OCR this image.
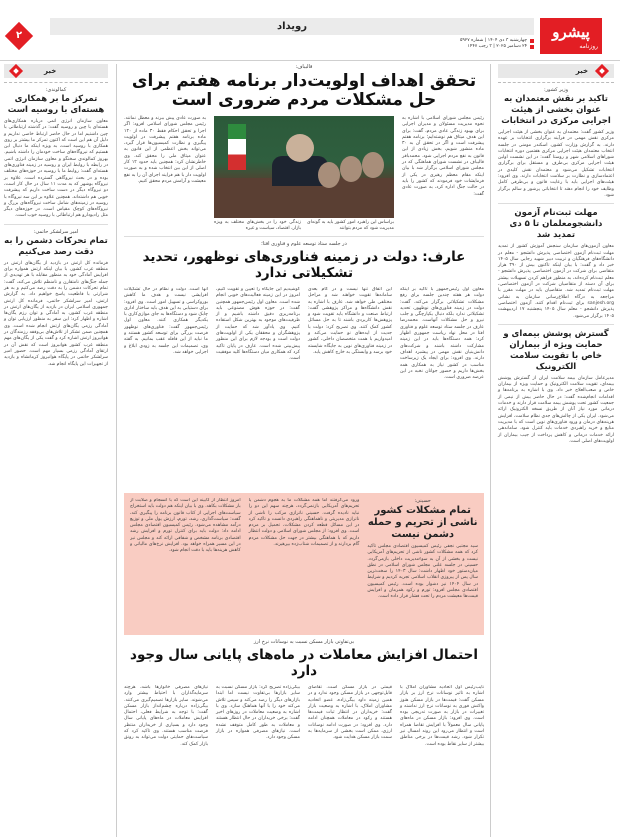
پیشرو
روزنامه
رویداد
چهارشنبه ۳ دی ۱۴۰۴ | شماره ۵۹۲۷
۲۴ دسامبر ۲۰۲۵ | ۳ رجب ۱۴۴۷
۲
خبر
وزیر کشور:
تاکید بر نقش معتمدان به عنوان بخشی از هیئت اجرایی مرکزی در انتخابات
وزیر کشور گفت: معتمدان به عنوان بخشی از هیئت اجرایی مرکزی نقش مهمی در فرآیند برگزاری انتخابات بر عهده دارند. به گزارش وزارت کشور، اسکندر مومنی در جلسه انتخاب معتمدان هیئت اجرایی مرکزی هفتمین دوره انتخابات شوراهای اسلامی شهر و روستا گفت: در این نشست اولین هیئت اجرایی مرکزی بی‌طرف و مستقل برای برگزاری انتخابات تشکیل می‌شود و معتمدان نقش کلیدی در اعتمادسازی و نظارت بر سلامت انتخابات دارند. وی افزود: هیئت‌های اجرایی باید با رعایت قانون و بی‌طرفی کامل وظایف خود را انجام دهند تا انتخاباتی پرشور و سالم برگزار شود.
مهلت ثبت‌نام آزمون دانشجومعلمان تا ۵ دی تمدید شد
معاون آزمون‌های سازمان سنجش آموزش کشور از تمدید مهلت ثبت‌نام آزمون اختصاصی پذیرش دانشجو - معلم در دانشگاه‌های فرهنگیان و تربیت دبیر شهید رجایی سال ۱۴۰۵ خبر داد و گفت: با بیان اینکه تاکنون بیش از ۳۹۰ هزار متقاضی برای شرکت در آزمون اختصاصی پذیرش دانشجو - معلم ثبت‌نام کرده‌اند، به منظور فراهم کردن تسهیلات بیشتر برای آن دسته از متقاضیان شرکت در آزمون اختصاصی، مهلت ثبت‌نام تمدید شد. متقاضیان باید در مهلت مقرر با مراجعه به درگاه اطلاع‌رسانی سازمان به نشانی sanjesh.org برای ثبت‌نام اقدام کنند. آزمون اختصاصی پذیرش دانشجو - معلم سال ۱۴۰۵ پنجشنبه ۱۷ اردیبهشت ۱۴۰۵ برگزار می‌شود.
گسترش پوشش بیمه‌ای و حمایت ویژه از بیماران خاص با تقویت سلامت الکترونیک
مدیرعامل سازمان بیمه سلامت ایران از گسترش پوشش بیمه‌ای، تقویت سلامت الکترونیک و حمایت ویژه از بیماران خاص و صعب‌العلاج خبر داد. وی با اشاره به برنامه‌ها و اقدامات انجام‌شده گفت: در حال حاضر بیش از نیمی از جمعیت کشور تحت پوشش بیمه سلامت قرار دارند و خدمات درمانی مورد نیاز آنان از طریق نسخه الکترونیک ارائه می‌شود. ایران یکی از چالش‌های جدی نظام سلامت، افزایش هزینه‌های درمان و ورود فناوری‌های نوین است که با مدیریت منابع و خرید راهبردی خدمات باید کنترل شود. ساماندهی ارائه خدمات درمانی و کاهش پرداخت از جیب بیماران از اولویت‌های اصلی است.
خبر
کمالوندی:
تمرکز ما بر همکاری هسته‌ای با روسیه است
معاون سازمان انرژی اتمی درباره همکاری‌های هسته‌ای با چین و روسیه گفت: در گذشته ارتباطاتی با چین داشتیم اما در حال حاضر ارتباط خاصی نداریم و دلیل آن هم این است که اکنون تمرکز ما بیشتر بر روی همکاری با روسیه است، به ویژه اینکه ما دنبال این هستیم که نیروگاه‌های ساخت خودمان را داشته باشیم. بهروز کمالوندی سخنگو و معاون سازمان انرژی اتمی در رابطه با روابط ایران و روسیه در زمینه فناوری‌های هسته‌ای گفت: روابط ما با روسیه در حوزه‌های مختلف بوده و در بحث نیروگاهی گسترده است. علاوه بر نیروگاه بوشهر که به مدت ۱۱ سال در حال کار است، دو نیروگاه دیگر در دست ساخت داریم که پیشرفت خوبی هم داشته‌اند. همچنین علاوه بر این سه نیروگاه با روسیه در زمینه‌های شامل ساخت نیروگاه‌های بزرگ و نیروگاه‌های کوچک مقیاس است. در حوزه‌های دیگر مثل رادیودارو هم ارتباطاتی با روسیه خوب است.
امیر سرلشکر حاتمی:
تمام تحرکات دشمن را به دقت رصد می‌کنیم
فرمانده کل ارتش در بازدید از یگان‌های ارتش در منطقه غرب کشور، با بیان اینکه ارتش همواره برای افزایش آمادگی خود به منظور مقابله با هر تهدیدی از جمله جنگ‌های نامتقارن و نامنظم تلاش می‌کند، گفت: تمام تحرکات دشمن را به دقت رصد می‌کنیم و به هر شرارتی با قاطعیت پاسخ خواهیم داد. به گزارش ارتش، امیر سرلشکر حاتمی، فرمانده کل ارتش جمهوری اسلامی ایران در بازدید از یگان‌های ارتش در منطقه غرب کشور، به آمادگی و توان رزم یگان‌ها اشاره و اظهار کرد: این سفر به منظور ارزیابی توان و آمادگی رزمی یگان‌های ارتش انجام شده است. وی همچنین ضمن تشکر از تلاش‌های بی‌وقفه رزمندگان در هوانیروز ارتش اشاره کرد و گفت یکی از یگان‌های مهم منطقه غرب کشور هوانیروز است که نقش آن در ارتقای آمادگی رزمی بسیار مهم است. حضور امیر سرلشکر حاتمی در پایگاه هوانیروز کرمانشاه و بازدید از تجهیزات این پایگاه انجام شد.
قالیباف:
تحقق اهداف اولویت‌دار برنامه هفتم برای حل مشکلات مردم ضروری است
رئیس مجلس شورای اسلامی با اشاره به نحوه مدیریت مسئولان و مدیران اجرایی برای بهبود زندگی عادی مردم، گفت: برای این هدف میثاق هم نوشته‌ایم؛ برنامه هفتم پیشرفت است و اگر در تحقق آن به ۳۰ ماده منشور شویم، بخش زیادی از این قانون به نفع مردم اجرایی شود. محمدباقر قالیباف در نشست شورای هماهنگی که در مجلس شورای اسلامی برگزار شد با بیان اینکه مقام معظم رهبری در یکی از فرمایشات خود فرمودند که کشور را باید در حالت جنگ اداره کرد، به صورت عادی گفت:
براساس این راهبرد امور کشور باید به گونه‌ای مدیریت شود که مردم بتوانند
زندگی خود را در بخش‌های مختلف به ویژه بازار، اقتصاد، سیاست و غیره
به صورت عادی پیش ببرند و معطل نمانند. رئیس مجلس شورای اسلامی افزود: اگر اجرا و تحقق احکام فقط ۳۰ ماده از ۱۲۰ ماده برنامه هفتم پیشرفت در اولویت پیگیری و نظارت کمیسیون‌ها قرار گیرد، می‌تواند بخش اعظمی از این قانون به عنوان میثاق ملی را محقق کند. وی خاطرنشان کرد: همچنین باید حدود ۱۲ کار اصلی از این بین انتخاب شده و به صورت اولویت دار با هم فرایند اجرای آن را به نفع معیشت و آرامش مردم محقق کنیم.
در جلسه ستاد توسعه علوم و فناوری افتا؛
عارف: دولت در زمینه فناوری‌های نوظهور، تحدید تشکیلاتی ندارد
معاون اول رئیس‌جمهور با تاکید بر اینکه دولت هر هفته چندین جلسه برای رفع مشکلات تشکیلاتی برگزار می‌کند، گفت: دولت در زمینه فناوری‌های نوظهور، تحدید تشکیلاتی ندارد بلکه دنبال یکپارچگی و جلب نیرو و حل مشکلات آنهاست. محمدرضا عارف در جلسه ستاد توسعه علوم و فناوری افتا در محل نهاد ریاست جمهوری اظهار کرد: همه دستگاه‌ها باید در این زمینه مشارکت داشته باشند و شرکت‌های دانش‌بنیان نقش مهمی در پیشبرد اهداف دارند. وی افزود: برای ایجاد یک زیرساخت مناسب در کشور نیاز به همکاری همه بخش‌ها داریم و حضور جوانان نخبه در این عرصه ضروری است.
این اتفاق تنها نیست و در گام بعدی سامانه‌ها تقویت خواهند شد و مراحل مختلفی طی خواهد شد. عارف با اشاره به نقش دانشگاه‌ها و مراکز پژوهشی گفت: ارتباط صنعت و دانشگاه باید تقویت شود و پژوهش‌ها کاربردی باشند تا به حل مسائل کشور کمک کنند. وی تصریح کرد: دولت با جدیت از ایده‌های نو حمایت می‌کند و امیدواریم با همت متخصصان داخلی، کشور در زمینه فناوری‌های نوین به جایگاه شایسته خود برسد و وابستگی به خارج کاهش یابد.
کوشیدیم این جایگاه را تعیین و تقویت کنیم، امروز در این زمینه فعالیت‌های خوبی انجام شده است. معاون اول رئیس‌جمهور همچنین گفت: در حوزه هوش مصنوعی باید برنامه‌ریزی دقیق داشته باشیم و از ظرفیت‌های موجود به بهترین شکل استفاده کنیم. وی یادآور شد که حمایت از پژوهشگران و محققان یکی از اولویت‌های دولت است و بودجه لازم برای این منظور پیش‌بینی شده است. عارف در پایان تاکید کرد که همکاری میان دستگاه‌ها کلید موفقیت است.
آنها است. دولت و نظام در حال تشکیلات افزایشی نیست و هدف ما کاهش بوروکراسی و تسهیل امور است. وی افزود: برای دستیابی به این هدف باید ساختار اداری چابک شود و دستگاه‌ها به جای موازی‌کاری با یکدیگر همکاری کنند. معاون اول رئیس‌جمهور گفت: فناوری‌های نوظهور فرصت بزرگی برای توسعه کشور هستند و ما نباید از این قافله عقب بمانیم. به گفته وی، تصمیمات این جلسه به زودی ابلاغ و اجرایی خواهد شد.
حسینی:
تمام مشکلات کشور ناشی از تحریم و حمله دشمن نیست
سید مجتبی نجفی رئیس کمیسیون اقتصادی مجلس تاکید کرد که همه مشکلات کشور ناشی از تحریم‌های آمریکایی نیست و بخشی از آن به سوءمدیریت داخلی بازمی‌گردد. حسینی در جلسه علنی مجلس شورای اسلامی در نطق میان‌دستور خود اظهار داشت: سال ۱۴۰۳ را سخت‌ترین سال پس از پیروزی انقلاب اسلامی تجربه کردیم و شرایط در سال ۱۴۰۴ نیز دشوار بوده است. رئیس کمیسیون اقتصادی مجلس افزود: تورم و رکود همزمان و افزایش قیمت‌ها معیشت مردم را تحت فشار قرار داده است.
ورود می‌گرفتند اما همه مشکلات ما به هجوم دشمن یا تحریم‌های آمریکایی بازنمی‌گردد، هرچند سهم این دو را نباید نادیده گرفت. حسینی ناترازی مرکب را ناشی از ناترازی مدیریتی و ناهماهنگی راهبردی دانست و تاکید کرد در این مسائل قطعه کردن مشکلات، تحمیل بر مردم است. وی افزود: از مجلس شورای اسلامی و دولت انتظار داریم که با هماهنگی بیشتر در جهت حل مشکلات مردم گام بردارند و از تصمیمات شتاب‌زده بپرهیزند.
امروز انتظار از کابینه این است که با انسجام و صلابت از بار مشکلات بکاهد. وی با بیان اینکه هم دولت باید استخراج سیاست‌های اجرایی از کتاب قانون برنامه را پیگیری کند، گفت: سیاست‌گذاری، رشد، تورم، ارزش پول ملی و توزیع درآمد مشاهده می‌شود. رئیس کمیسیون اقتصادی مجلس ادامه داد: دولت باید برای کنترل تورم و افزایش رشد اقتصادی برنامه مشخص و شفافی ارائه کند و مجلس نیز در این مسیر همراه خواهد بود. افزایش نرخ‌های مالیاتی و کاهش هزینه‌ها باید با دقت انجام شود.
بی‌تفاوتی بازار مسکن نسبت به نوسانات نرخ ارز
احتمال افزایش معاملات در ماه‌های پایانی سال وجود دارد
نایب‌رئیس اول اتحادیه مشاوران املاک با اشاره به تاثیر نوسانات نرخ ارز بر بازار مسکن گفت: قیمت‌ها در بازار مسکن هنوز واکنش فوری به نوسانات نرخ ارز نداشته و تغییرات در بازار به صورت تدریجی بوده است. وی افزود: بازار مسکن در ماه‌های پایانی سال معمولاً با افزایش تقاضا همراه است و انتظار می‌رود این روند امسال نیز تکرار شود. رشد قیمت‌ها در برخی مناطق بیشتر از سایر نقاط بوده است.
قیمتی در بازار مسکن است. تقاضای قابل‌توجهی در بازار مسکن وجود ندارد و در همین زمینه داود بیگی‌زاده، عضو اتحادیه مشاوران املاک، با اشاره به وضعیت بازار گفت: خریداران در انتظار ثبات قیمت‌ها هستند و رکود در معاملات همچنان ادامه دارد. وی افزود: در صورت ادامه نوسانات ارزی، ممکن است بخشی از سرمایه‌ها به سمت بازار مسکن هدایت شود.
بیگی‌زاده تصریح کرد: بازار مسکن نسبت به سایر بازارها بی‌تفاوت نیست اما ابتدا بازارهای دیگر را رصد می‌کند و سپس تلاش می‌کند خود را با آنها هماهنگ سازد. وی با اشاره به وضعیت معاملات در روزهای اخیر گفت: برخی خریداران در حال انتظار هستند و معاملات به طور کامل متوقف نشده است. نیازهای مصرفی همواره در بازار مسکن وجود دارد.
نیازهای مصرفی خانوارها باشد، هرچند سرمایه‌گذاران با احتیاط بیشتر وارد می‌شوند. سایر بازارها تصمیم‌گیری می‌کنند. بیگی‌زاده درباره چشم‌انداز بازار مسکن گفت: با توجه به شرایط فعلی، احتمال افزایش معاملات در ماه‌های پایانی سال وجود دارد و بسیاری از خریداران منتظر فرصت مناسب هستند. وی تاکید کرد که سیاست‌های حمایتی دولت می‌تواند به رونق بازار کمک کند.
